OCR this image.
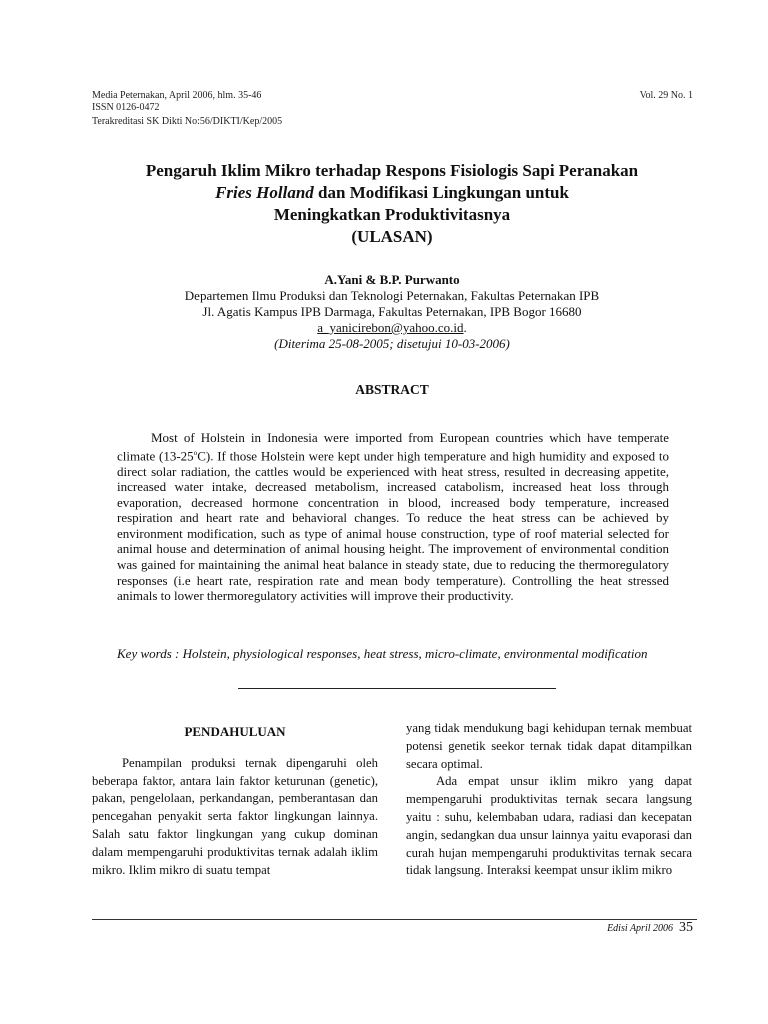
Media Peternakan, April 2006, hlm. 35-46
ISSN 0126-0472
Vol. 29 No. 1
Terakreditasi SK Dikti No:56/DIKTI/Kep/2005
Pengaruh Iklim Mikro terhadap Respons Fisiologis Sapi Peranakan
Fries Holland dan Modifikasi Lingkungan untuk
Meningkatkan Produktivitasnya
(ULASAN)
A.Yani & B.P. Purwanto
Departemen Ilmu Produksi dan Teknologi Peternakan, Fakultas Peternakan IPB
Jl. Agatis Kampus IPB Darmaga, Fakultas Peternakan, IPB Bogor 16680
a_yanicirebon@yahoo.co.id.
(Diterima 25-08-2005; disetujui 10-03-2006)
ABSTRACT

Most of Holstein in Indonesia were imported from European countries which have temperate climate (13-25$^o$C). If those Holstein were kept under high temperature and high humidity and exposed to direct solar radiation, the cattles would be experienced with heat stress, resulted in decreasing appetite, increased water intake, decreased metabolism, increased catabolism, increased heat loss through evaporation, decreased hormone concentration in blood, increased body temperature, increased respiration and heart rate and behavioral changes. To reduce the heat stress can be achieved by environment modification, such as type of animal house construction, type of roof material selected for animal house and determination of animal housing height. The improvement of environmental condition was gained for maintaining the animal heat balance in steady state, due to reducing the thermoregulatory responses (i.e heart rate, respiration rate and mean body temperature). Controlling the heat stressed animals to lower thermoregulatory activities will improve their productivity.

Key words : Holstein, physiological responses, heat stress, micro-climate, environmental modification

PENDAHULUAN

Penampilan produksi ternak dipengaruhi oleh beberapa faktor, antara lain faktor keturunan (genetic), pakan, pengelolaan, perkandangan, pemberantasan dan pencegahan penyakit serta faktor lingkungan lainnya. Salah satu faktor lingkungan yang cukup dominan dalam mempengaruhi produktivitas ternak adalah iklim mikro. Iklim mikro di suatu tempat

yang tidak mendukung bagi kehidupan ternak membuat potensi genetik seekor ternak tidak dapat ditampilkan secara optimal.

Ada empat unsur iklim mikro yang dapat mempengaruhi produktivitas ternak secara langsung yaitu : suhu, kelembaban udara, radiasi dan kecepatan angin, sedangkan dua unsur lainnya yaitu evaporasi dan curah hujan mempengaruhi produktivitas ternak secara tidak langsung. Interaksi keempat unsur iklim mikro

Edisi April 2006 35
